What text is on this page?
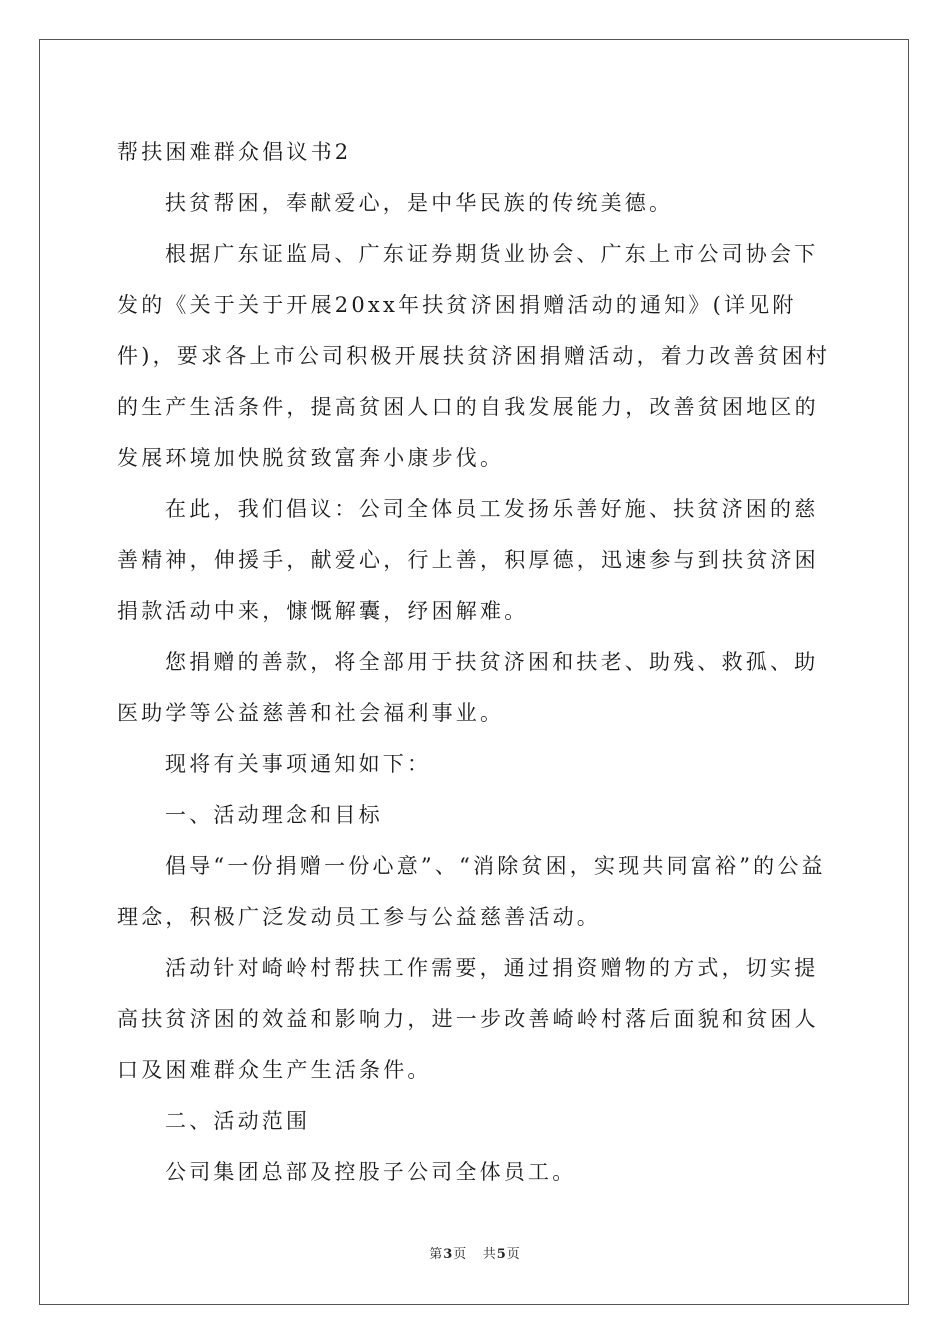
帮扶困难群众倡议书2

扶贫帮困，奉献爱心，是中华民族的传统美德。

根据广东证监局、广东证券期货业协会、广东上市公司协会下发的《关于关于开展20xx年扶贫济困捐赠活动的通知》(详见附件)，要求各上市公司积极开展扶贫济困捐赠活动，着力改善贫困村的生产生活条件，提高贫困人口的自我发展能力，改善贫困地区的发展环境加快脱贫致富奔小康步伐。

在此，我们倡议：公司全体员工发扬乐善好施、扶贫济困的慈善精神，伸援手，献爱心，行上善，积厚德，迅速参与到扶贫济困捐款活动中来，慷慨解囊，纾困解难。

您捐赠的善款，将全部用于扶贫济困和扶老、助残、救孤、助医助学等公益慈善和社会福利事业。

现将有关事项通知如下：

一、活动理念和目标

倡导“一份捐赠一份心意”、“消除贫困，实现共同富裕”的公益理念，积极广泛发动员工参与公益慈善活动。

活动针对崎岭村帮扶工作需要，通过捐资赠物的方式，切实提高扶贫济困的效益和影响力，进一步改善崎岭村落后面貌和贫困人口及困难群众生产生活条件。

二、活动范围

公司集团总部及控股子公司全体员工。

第3页 共5页
